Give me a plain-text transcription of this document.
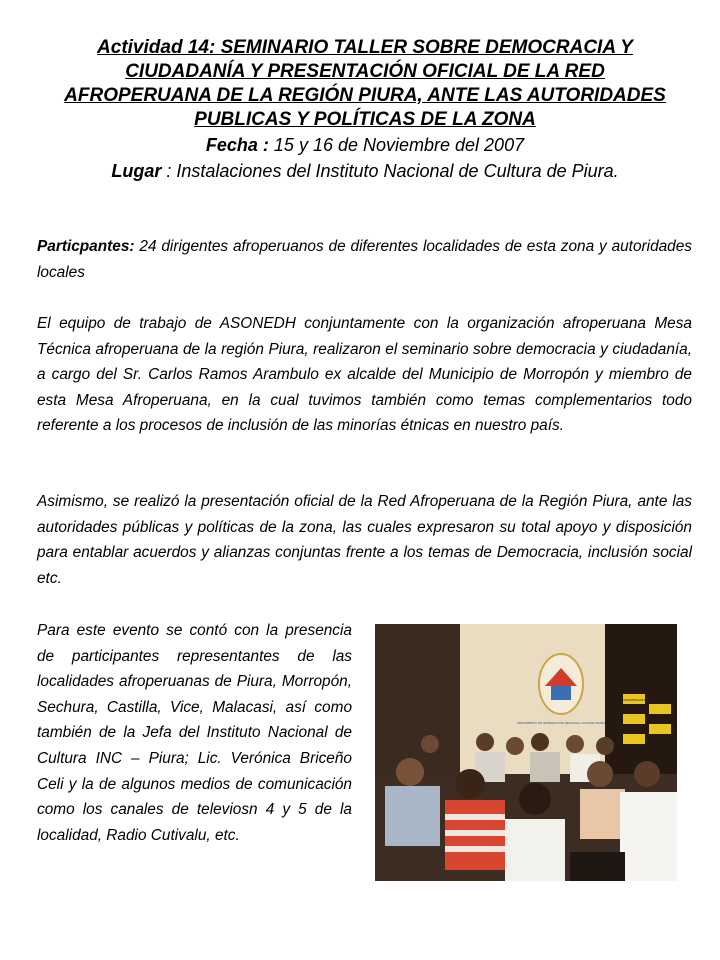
Actividad 14: SEMINARIO TALLER SOBRE DEMOCRACIA Y

CIUDADANÍA Y PRESENTACIÓN OFICIAL DE LA RED

AFROPERUANA DE LA REGIÓN PIURA, ANTE LAS AUTORIDADES

PUBLICAS Y POLÍTICAS DE LA ZONA

Fecha : 15 y 16 de Noviembre del 2007

Lugar : Instalaciones del Instituto Nacional de Cultura de Piura.

Particpantes: 24 dirigentes afroperuanos de diferentes localidades de esta zona y autoridades locales

El equipo de trabajo de ASONEDH conjuntamente con la organización afroperuana Mesa Técnica afroperuana de la región Piura, realizaron el seminario sobre democracia y ciudadanía, a cargo del Sr. Carlos Ramos Arambulo ex alcalde del Municipio de Morropón y miembro de esta Mesa Afroperuana, en la cual tuvimos también como temas complementarios todo referente a los procesos de inclusión de las minorías étnicas en nuestro país.

Asimismo, se realizó la presentación oficial de la Red Afroperuana de la Región Piura, ante las autoridades públicas y políticas de la zona, las cuales expresaron su total apoyo y disposición para entablar acuerdos y alianzas conjuntas frente a los temas de Democracia, inclusión social etc.

Para este evento se contó con la presencia de participantes representantes de las localidades afroperuanas de Piura, Morropón, Sechura, Castilla, Vice, Malacasi, así como también de la Jefa del Instituto Nacional de Cultura INC – Piura; Lic. Verónica Briceño Celi y la de algunos medios de comunicación como los canales de televiosn 4 y 5 de la localidad, Radio Cutivalu, etc.

MOVIMIENTO DE INTEGRACIÓN REGIONAL COLONIA PIURA
AFROPERUANA
